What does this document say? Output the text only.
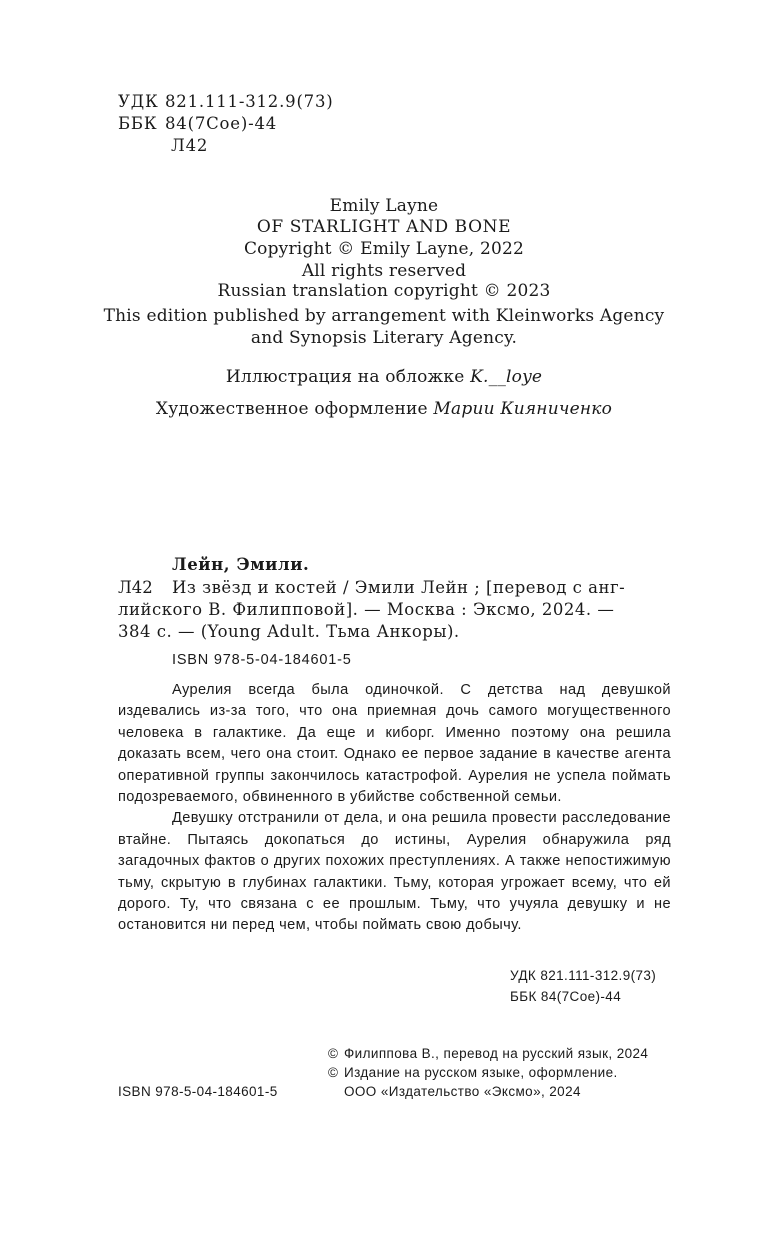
УДК 821.111-312.9(73)
ББК 84(7Сое)-44
Л42
Emily Layne
OF STARLIGHT AND BONE
Copyright © Emily Layne, 2022
All rights reserved
Russian translation copyright © 2023
This edition published by arrangement with Kleinworks Agency
and Synopsis Literary Agency.
Иллюстрация на обложке K.__loye
Художественное оформление Марии Кияниченко
Лейн, Эмили.
Л42 Из звёзд и костей / Эмили Лейн ; [перевод с анг-
лийского В. Филипповой]. — Москва : Эксмо, 2024. —
384 с. — (Young Adult. Тьма Анкоры).
ISBN 978-5-04-184601-5

Аурелия всегда была одиночкой. С детства над девушкой издевались из-за того, что она приемная дочь самого могущественного человека в галактике. Да еще и киборг. Именно поэтому она решила доказать всем, чего она стоит. Однако ее первое задание в качестве агента оперативной группы закончилось катастрофой. Аурелия не успела поймать подозреваемого, обвиненного в убийстве собственной семьи.

Девушку отстранили от дела, и она решила провести расследование втайне. Пытаясь докопаться до истины, Аурелия обнаружила ряд загадочных фактов о других похожих преступлениях. А также непостижимую тьму, скрытую в глубинах галактики. Тьму, которая угрожает всему, что ей дорого. Ту, что связана с ее прошлым. Тьму, что учуяла девушку и не остановится ни перед чем, чтобы поймать свою добычу.

УДК 821.111-312.9(73)
ББК 84(7Сое)-44
© Филиппова В., перевод на русский язык, 2024
© Издание на русском языке, оформление.
ООО «Издательство «Эксмо», 2024
ISBN 978-5-04-184601-5
